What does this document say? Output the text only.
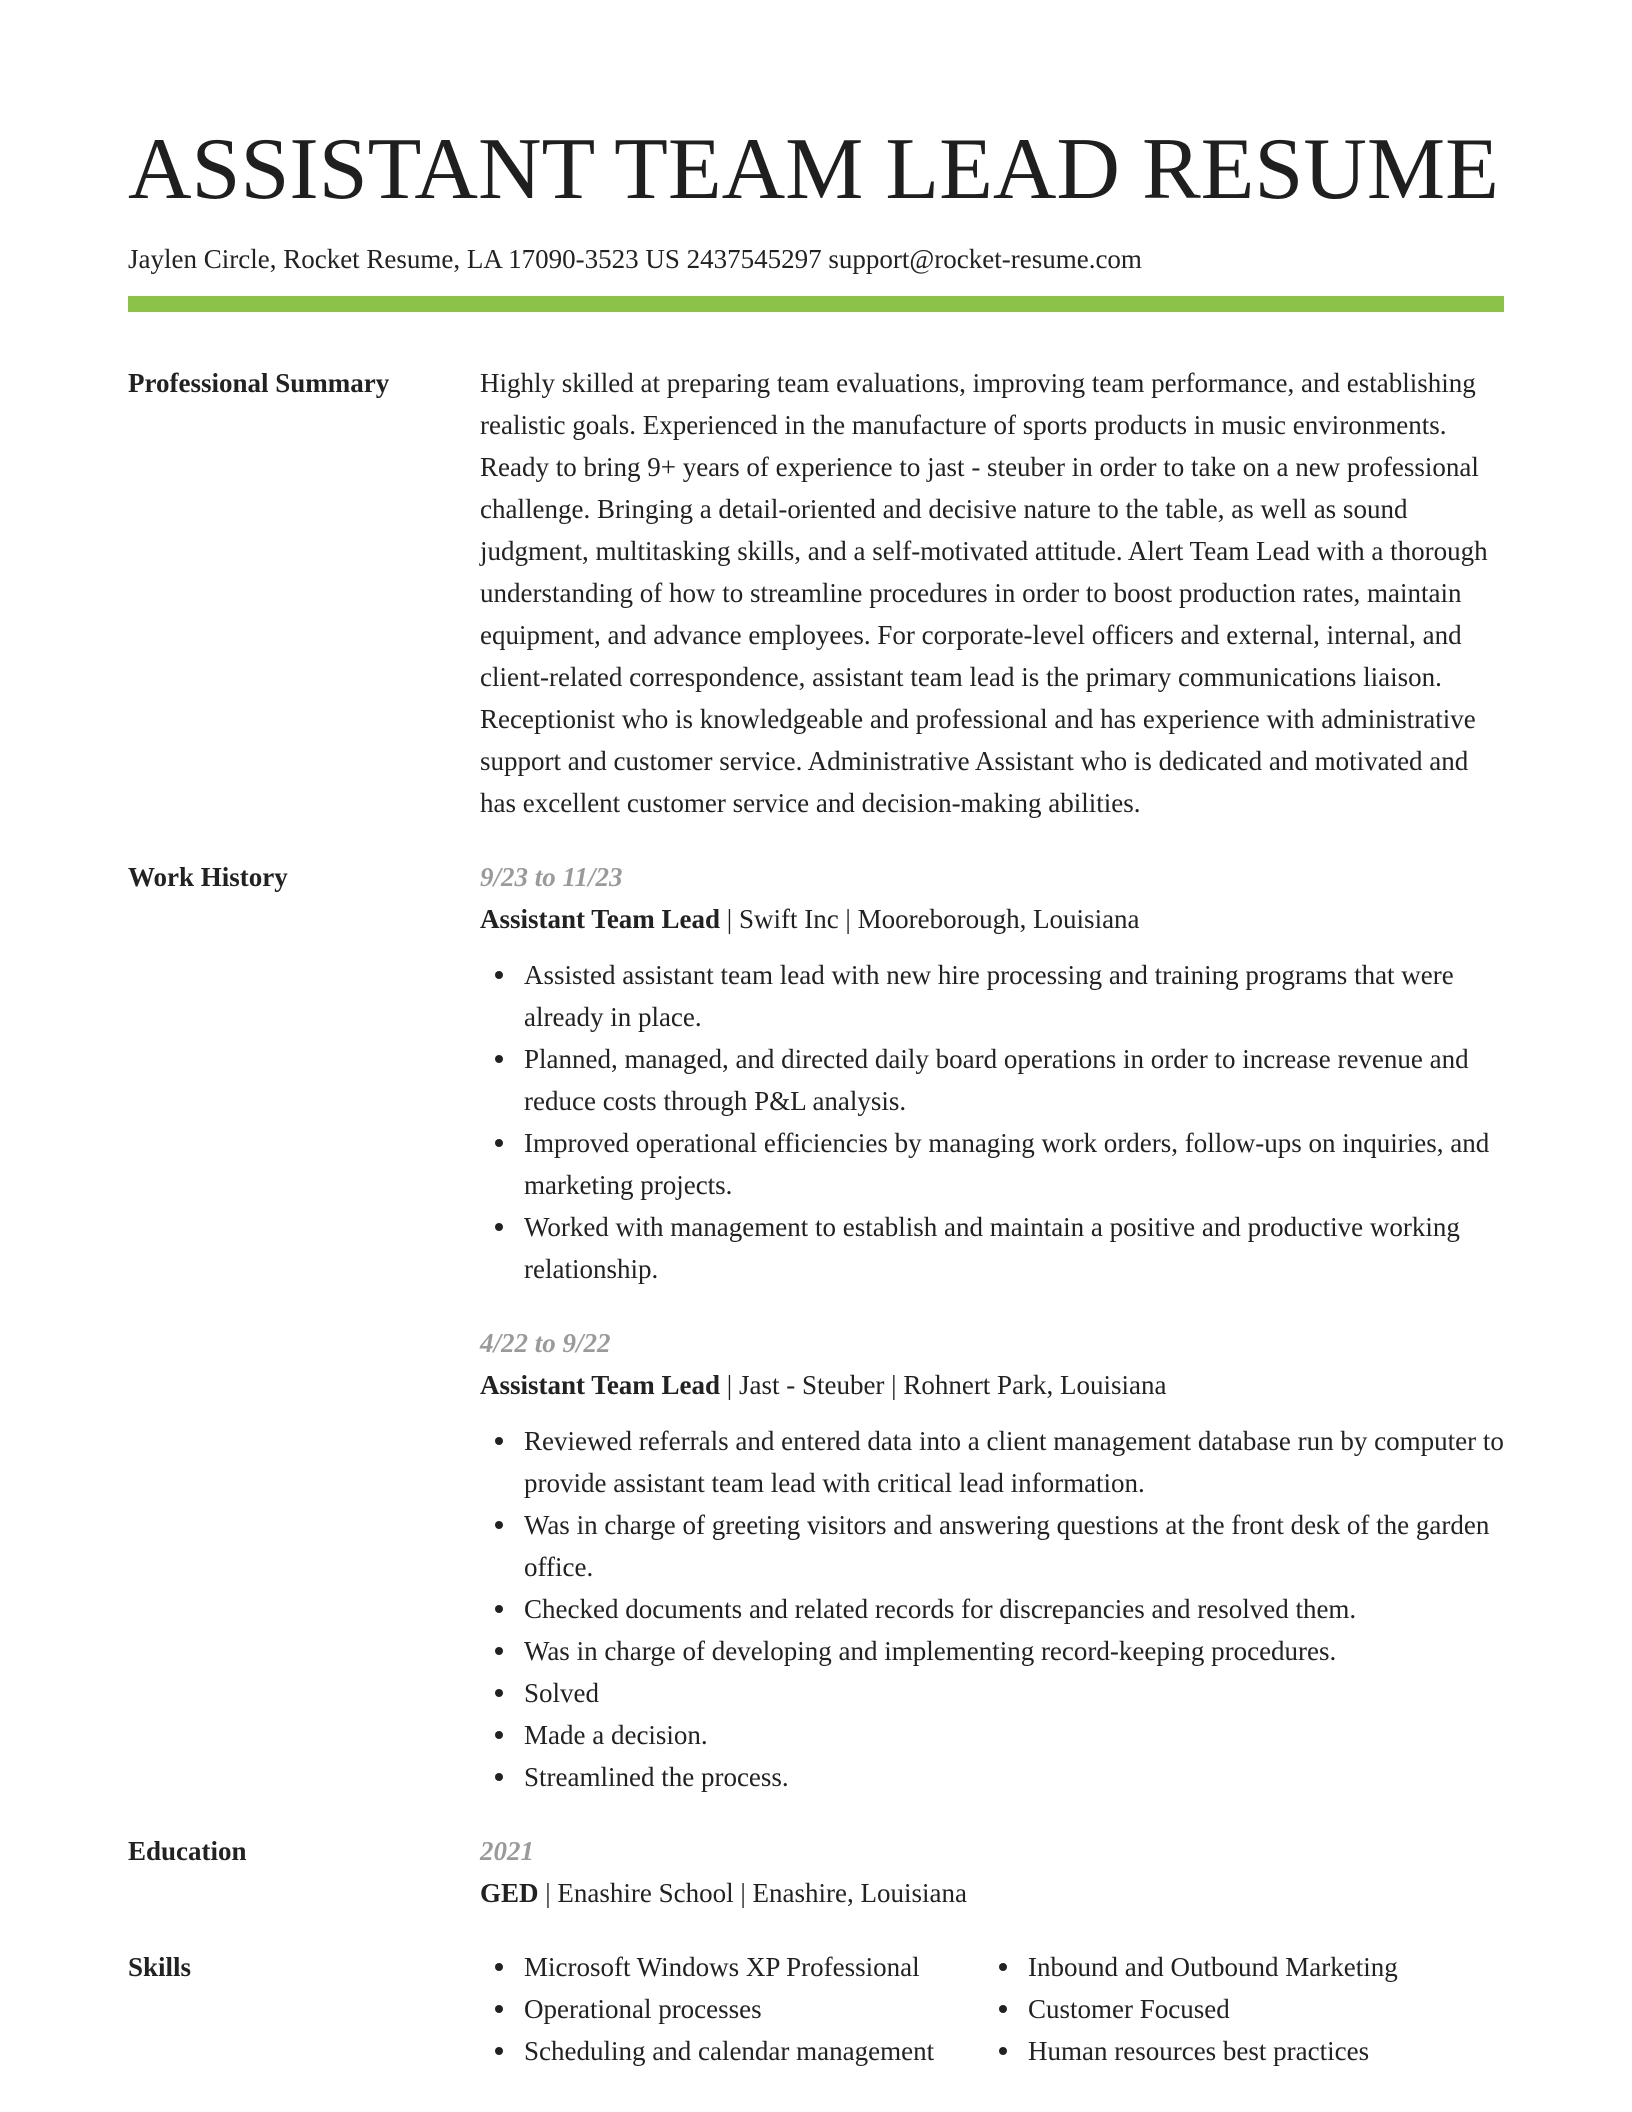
ASSISTANT TEAM LEAD RESUME
Jaylen Circle, Rocket Resume, LA 17090-3523 US 2437545297 support@rocket-resume.com
Professional Summary	Highly skilled at preparing team evaluations, improving team performance, and establishing realistic goals. Experienced in the manufacture of sports products in music environments. Ready to bring 9+ years of experience to jast - steuber in order to take on a new professional challenge. Bringing a detail-oriented and decisive nature to the table, as well as sound judgment, multitasking skills, and a self-motivated attitude. Alert Team Lead with a thorough understanding of how to streamline procedures in order to boost production rates, maintain equipment, and advance employees. For corporate-level officers and external, internal, and client-related correspondence, assistant team lead is the primary communications liaison. Receptionist who is knowledgeable and professional and has experience with administrative support and customer service. Administrative Assistant who is dedicated and motivated and has excellent customer service and decision-making abilities.
Work History	9/23 to 11/23
Assistant Team Lead | Swift Inc | Mooreborough, Louisiana
Assisted assistant team lead with new hire processing and training programs that were already in place.
Planned, managed, and directed daily board operations in order to increase revenue and reduce costs through P&L analysis.
Improved operational efficiencies by managing work orders, follow-ups on inquiries, and marketing projects.
Worked with management to establish and maintain a positive and productive working relationship.
4/22 to 9/22
Assistant Team Lead | Jast - Steuber | Rohnert Park, Louisiana
Reviewed referrals and entered data into a client management database run by computer to provide assistant team lead with critical lead information.
Was in charge of greeting visitors and answering questions at the front desk of the garden office.
Checked documents and related records for discrepancies and resolved them.
Was in charge of developing and implementing record-keeping procedures.
Solved
Made a decision.
Streamlined the process.
Education	2021
GED | Enashire School | Enashire, Louisiana
Skills	Microsoft Windows XP Professional
Operational processes
Scheduling and calendar management
Inbound and Outbound Marketing
Customer Focused
Human resources best practices
